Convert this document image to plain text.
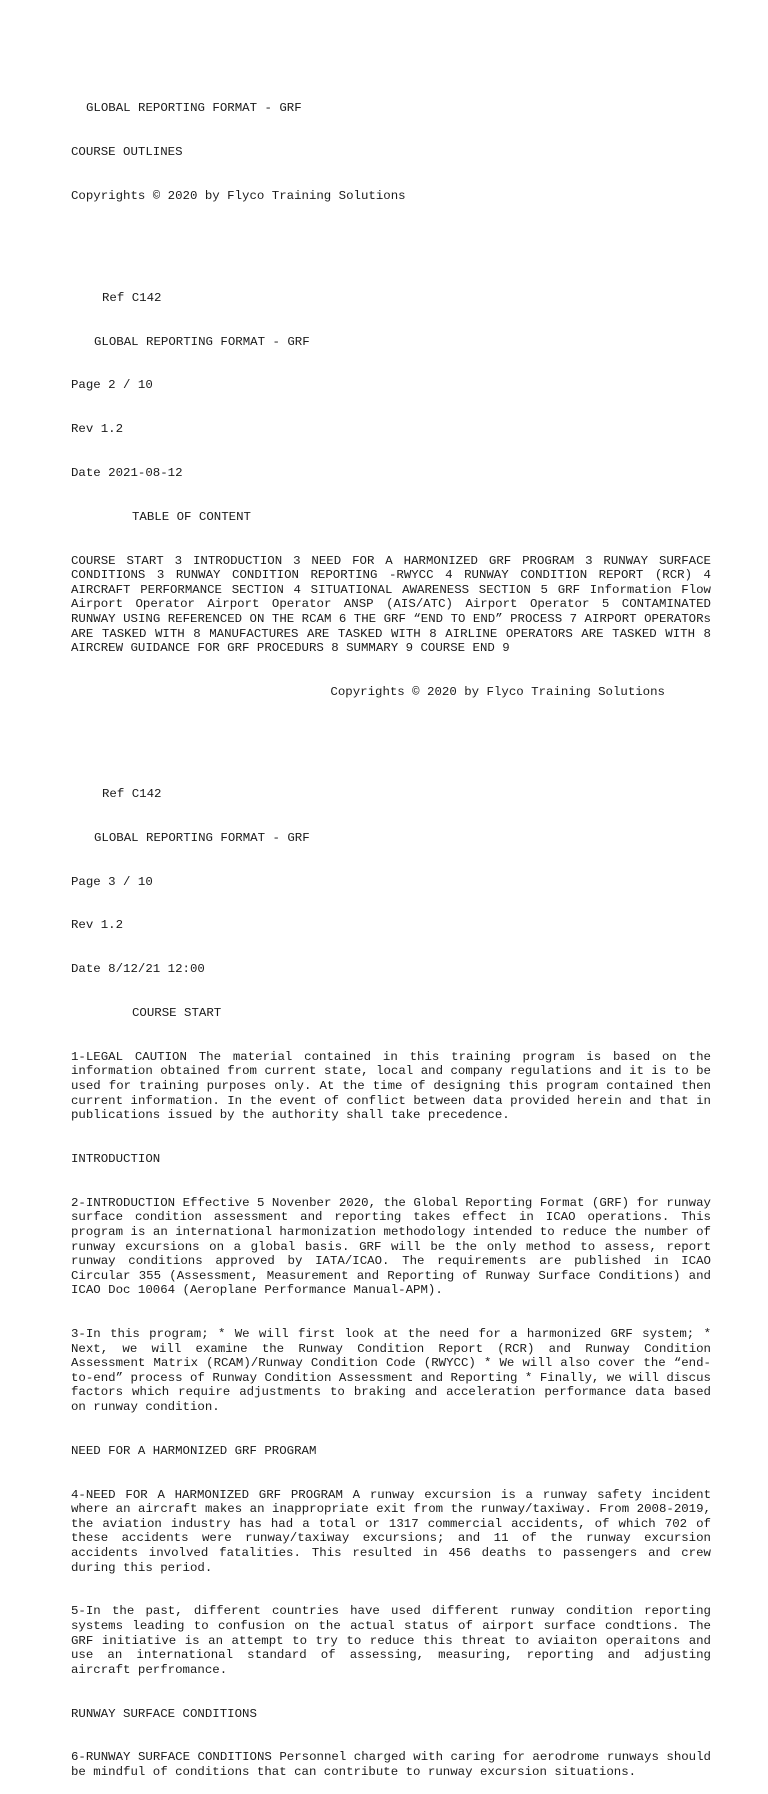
GLOBAL REPORTING FORMAT - GRF

COURSE OUTLINES

Copyrights © 2020 by Flyco Training Solutions

Ref C142

GLOBAL REPORTING FORMAT - GRF

Page 2 / 10

Rev 1.2

Date 2021-08-12

TABLE OF CONTENT

COURSE START 3 INTRODUCTION 3 NEED FOR A HARMONIZED GRF PROGRAM 3 RUNWAY SURFACE CONDITIONS 3 RUNWAY CONDITION REPORTING -RWYCC 4 RUNWAY CONDITION REPORT (RCR) 4 AIRCRAFT PERFORMANCE SECTION 4 SITUATIONAL AWARENESS SECTION 5 GRF Information Flow Airport Operator Airport Operator ANSP (AIS/ATC) Airport Operator 5 CONTAMINATED RUNWAY USING REFERENCED ON THE RCAM 6 THE GRF “END TO END” PROCESS 7 AIRPORT OPERATORs ARE TASKED WITH 8 MANUFACTURES ARE TASKED WITH 8 AIRLINE OPERATORS ARE TASKED WITH 8 AIRCREW GUIDANCE FOR GRF PROCEDURS 8 SUMMARY 9 COURSE END 9

Copyrights © 2020 by Flyco Training Solutions

Ref C142

GLOBAL REPORTING FORMAT - GRF

Page 3 / 10

Rev 1.2

Date 8/12/21 12:00

COURSE START

1-LEGAL CAUTION The material contained in this training program is based on the information obtained from current state, local and company regulations and it is to be used for training purposes only. At the time of designing this program contained then current information. In the event of conflict between data provided herein and that in publications issued by the authority shall take precedence.

INTRODUCTION

2-INTRODUCTION Effective 5 Novenber 2020, the Global Reporting Format (GRF) for runway surface condition assessment and reporting takes effect in ICAO operations. This program is an international harmonization methodology intended to reduce the number of runway excursions on a global basis. GRF will be the only method to assess, report runway conditions approved by IATA/ICAO. The requirements are published in ICAO Circular 355 (Assessment, Measurement and Reporting of Runway Surface Conditions) and ICAO Doc 10064 (Aeroplane Performance Manual-APM).

3-In this program; * We will first look at the need for a harmonized GRF system; * Next, we will examine the Runway Condition Report (RCR) and Runway Condition Assessment Matrix (RCAM)/Runway Condition Code (RWYCC) * We will also cover the “end-to-end” process of Runway Condition Assessment and Reporting * Finally, we will discus factors which require adjustments to braking and acceleration performance data based on runway condition.

NEED FOR A HARMONIZED GRF PROGRAM

4-NEED FOR A HARMONIZED GRF PROGRAM A runway excursion is a runway safety incident where an aircraft makes an inappropriate exit from the runway/taxiway. From 2008-2019, the aviation industry has had a total or 1317 commercial accidents, of which 702 of these accidents were runway/taxiway excursions; and 11 of the runway excursion accidents involved fatalities. This resulted in 456 deaths to passengers and crew during this period.

5-In the past, different countries have used different runway condition reporting systems leading to confusion on the actual status of airport surface condtions. The GRF initiative is an attempt to try to reduce this threat to aviaiton operaitons and use an international standard of assessing, measuring, reporting and adjusting aircraft perfromance.

RUNWAY SURFACE CONDITIONS

6-RUNWAY SURFACE CONDITIONS Personnel charged with caring for aerodrome runways should be mindful of conditions that can contribute to runway excursion situations.
